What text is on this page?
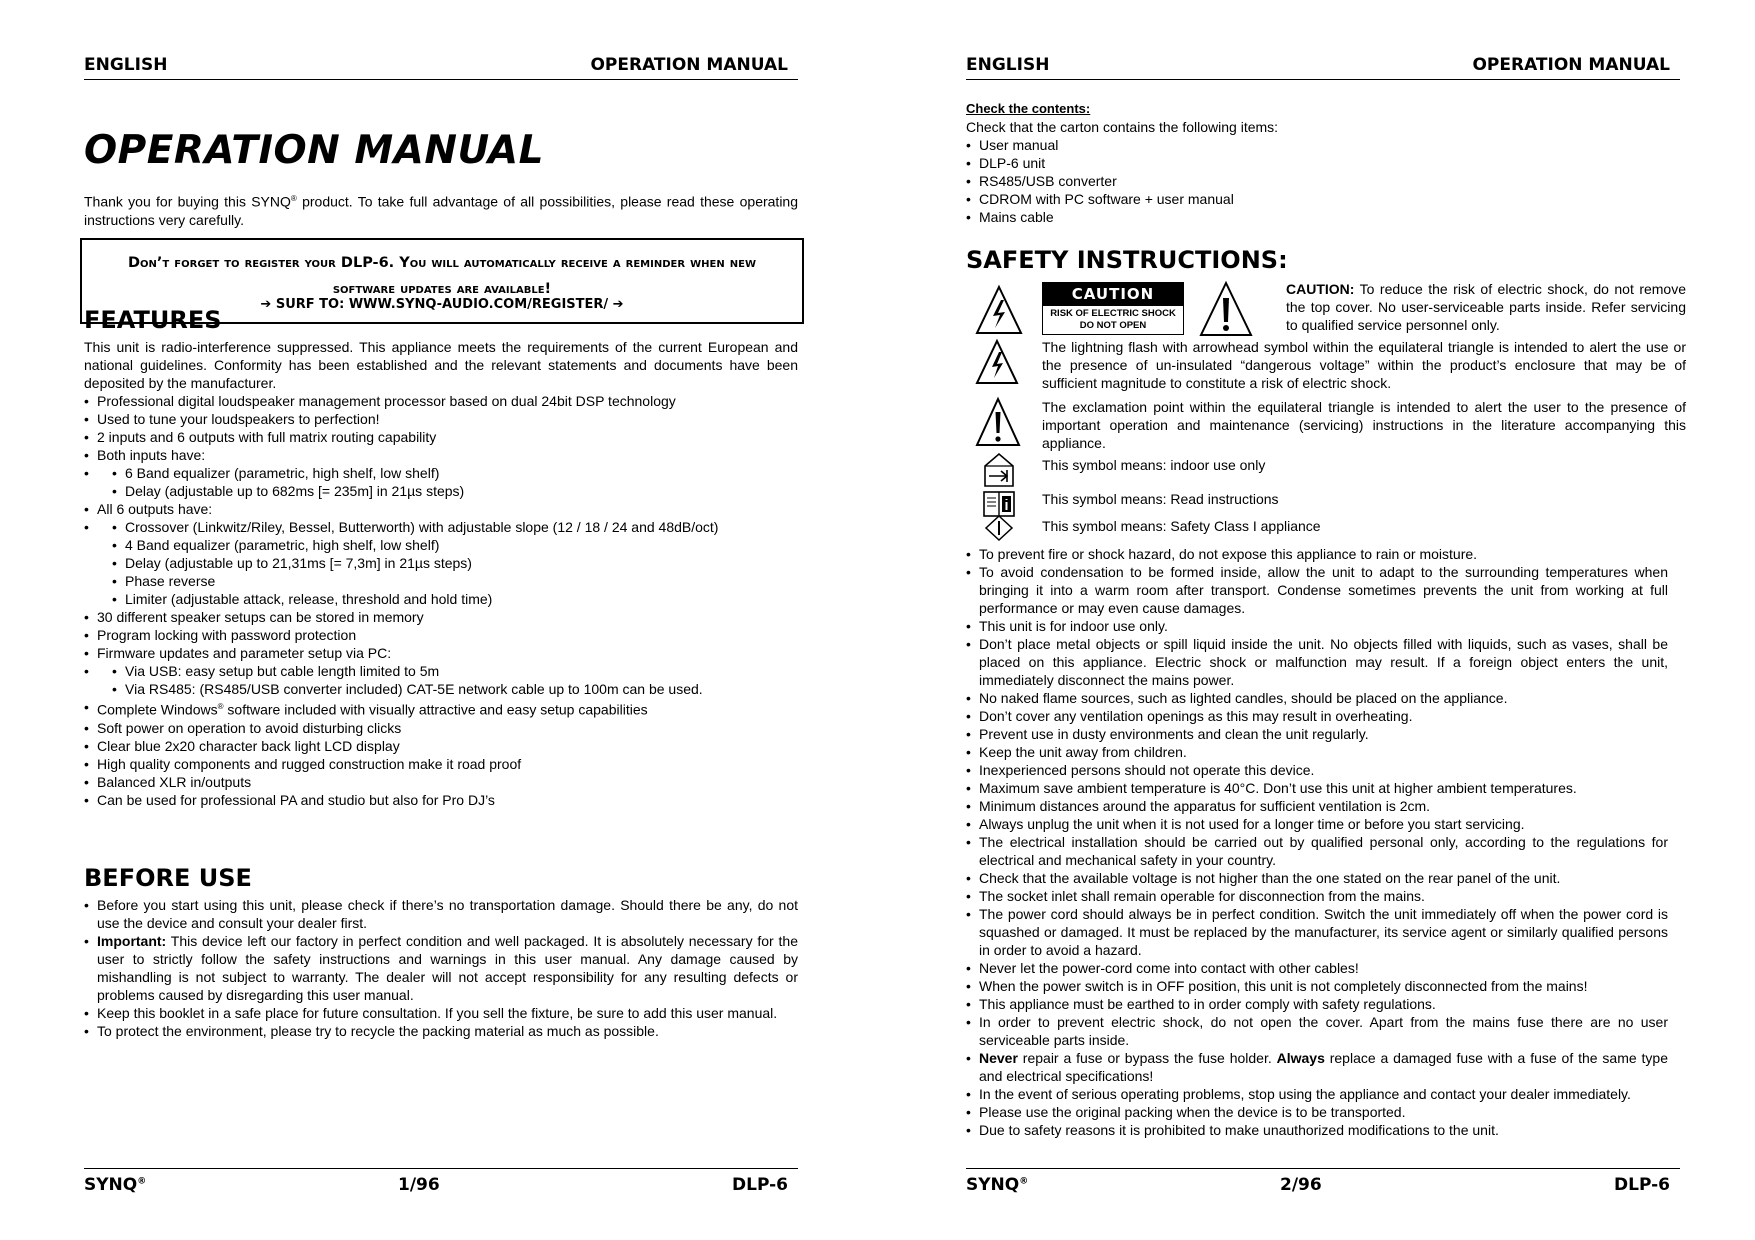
ENGLISH	OPERATION MANUAL
OPERATION MANUAL
Thank you for buying this SYNQ® product. To take full advantage of all possibilities, please read these operating instructions very carefully.
Don’t forget to register your DLP-6. You will automatically receive a reminder when new software updates are available!
➔ SURF TO: WWW.SYNQ-AUDIO.COM/REGISTER/ ➔
FEATURES
This unit is radio-interference suppressed. This appliance meets the requirements of the current European and national guidelines. Conformity has been established and the relevant statements and documents have been deposited by the manufacturer.
• Professional digital loudspeaker management processor based on dual 24bit DSP technology
• Used to tune your loudspeakers to perfection!
• 2 inputs and 6 outputs with full matrix routing capability
• Both inputs have:
• • 6 Band equalizer (parametric, high shelf, low shelf)
• Delay (adjustable up to 682ms [= 235m] in 21µs steps)
• All 6 outputs have:
• • Crossover (Linkwitz/Riley, Bessel, Butterworth) with adjustable slope (12 / 18 / 24 and 48dB/oct)
• 4 Band equalizer (parametric, high shelf, low shelf)
• Delay (adjustable up to 21,31ms [= 7,3m] in 21µs steps)
• Phase reverse
• Limiter (adjustable attack, release, threshold and hold time)
• 30 different speaker setups can be stored in memory
• Program locking with password protection
• Firmware updates and parameter setup via PC:
• • Via USB: easy setup but cable length limited to 5m
• Via RS485: (RS485/USB converter included) CAT-5E network cable up to 100m can be used.
• Complete Windows® software included with visually attractive and easy setup capabilities
• Soft power on operation to avoid disturbing clicks
• Clear blue 2x20 character back light LCD display
• High quality components and rugged construction make it road proof
• Balanced XLR in/outputs
• Can be used for professional PA and studio but also for Pro DJ’s
BEFORE USE
• Before you start using this unit, please check if there’s no transportation damage. Should there be any, do not use the device and consult your dealer first.
• Important: This device left our factory in perfect condition and well packaged. It is absolutely necessary for the user to strictly follow the safety instructions and warnings in this user manual. Any damage caused by mishandling is not subject to warranty. The dealer will not accept responsibility for any resulting defects or problems caused by disregarding this user manual.
• Keep this booklet in a safe place for future consultation. If you sell the fixture, be sure to add this user manual.
• To protect the environment, please try to recycle the packing material as much as possible.
SYNQ®	1/96	DLP-6
ENGLISH	OPERATION MANUAL
Check the contents:
Check that the carton contains the following items:
• User manual
• DLP-6 unit
• RS485/USB converter
• CDROM with PC software + user manual
• Mains cable
SAFETY INSTRUCTIONS:
CAUTION
RISK OF ELECTRIC SHOCK
DO NOT OPEN
CAUTION: To reduce the risk of electric shock, do not remove the top cover. No user-serviceable parts inside. Refer servicing to qualified service personnel only.
The lightning flash with arrowhead symbol within the equilateral triangle is intended to alert the use or the presence of un-insulated “dangerous voltage” within the product’s enclosure that may be of sufficient magnitude to constitute a risk of electric shock.
The exclamation point within the equilateral triangle is intended to alert the user to the presence of important operation and maintenance (servicing) instructions in the literature accompanying this appliance.
This symbol means: indoor use only
This symbol means: Read instructions
This symbol means: Safety Class I appliance
• To prevent fire or shock hazard, do not expose this appliance to rain or moisture.
• To avoid condensation to be formed inside, allow the unit to adapt to the surrounding temperatures when bringing it into a warm room after transport. Condense sometimes prevents the unit from working at full performance or may even cause damages.
• This unit is for indoor use only.
• Don’t place metal objects or spill liquid inside the unit. No objects filled with liquids, such as vases, shall be placed on this appliance. Electric shock or malfunction may result. If a foreign object enters the unit, immediately disconnect the mains power.
• No naked flame sources, such as lighted candles, should be placed on the appliance.
• Don’t cover any ventilation openings as this may result in overheating.
• Prevent use in dusty environments and clean the unit regularly.
• Keep the unit away from children.
• Inexperienced persons should not operate this device.
• Maximum save ambient temperature is 40°C. Don’t use this unit at higher ambient temperatures.
• Minimum distances around the apparatus for sufficient ventilation is 2cm.
• Always unplug the unit when it is not used for a longer time or before you start servicing.
• The electrical installation should be carried out by qualified personal only, according to the regulations for electrical and mechanical safety in your country.
• Check that the available voltage is not higher than the one stated on the rear panel of the unit.
• The socket inlet shall remain operable for disconnection from the mains.
• The power cord should always be in perfect condition. Switch the unit immediately off when the power cord is squashed or damaged. It must be replaced by the manufacturer, its service agent or similarly qualified persons in order to avoid a hazard.
• Never let the power-cord come into contact with other cables!
• When the power switch is in OFF position, this unit is not completely disconnected from the mains!
• This appliance must be earthed to in order comply with safety regulations.
• In order to prevent electric shock, do not open the cover. Apart from the mains fuse there are no user serviceable parts inside.
• Never repair a fuse or bypass the fuse holder. Always replace a damaged fuse with a fuse of the same type and electrical specifications!
• In the event of serious operating problems, stop using the appliance and contact your dealer immediately.
• Please use the original packing when the device is to be transported.
• Due to safety reasons it is prohibited to make unauthorized modifications to the unit.
SYNQ®	2/96	DLP-6
